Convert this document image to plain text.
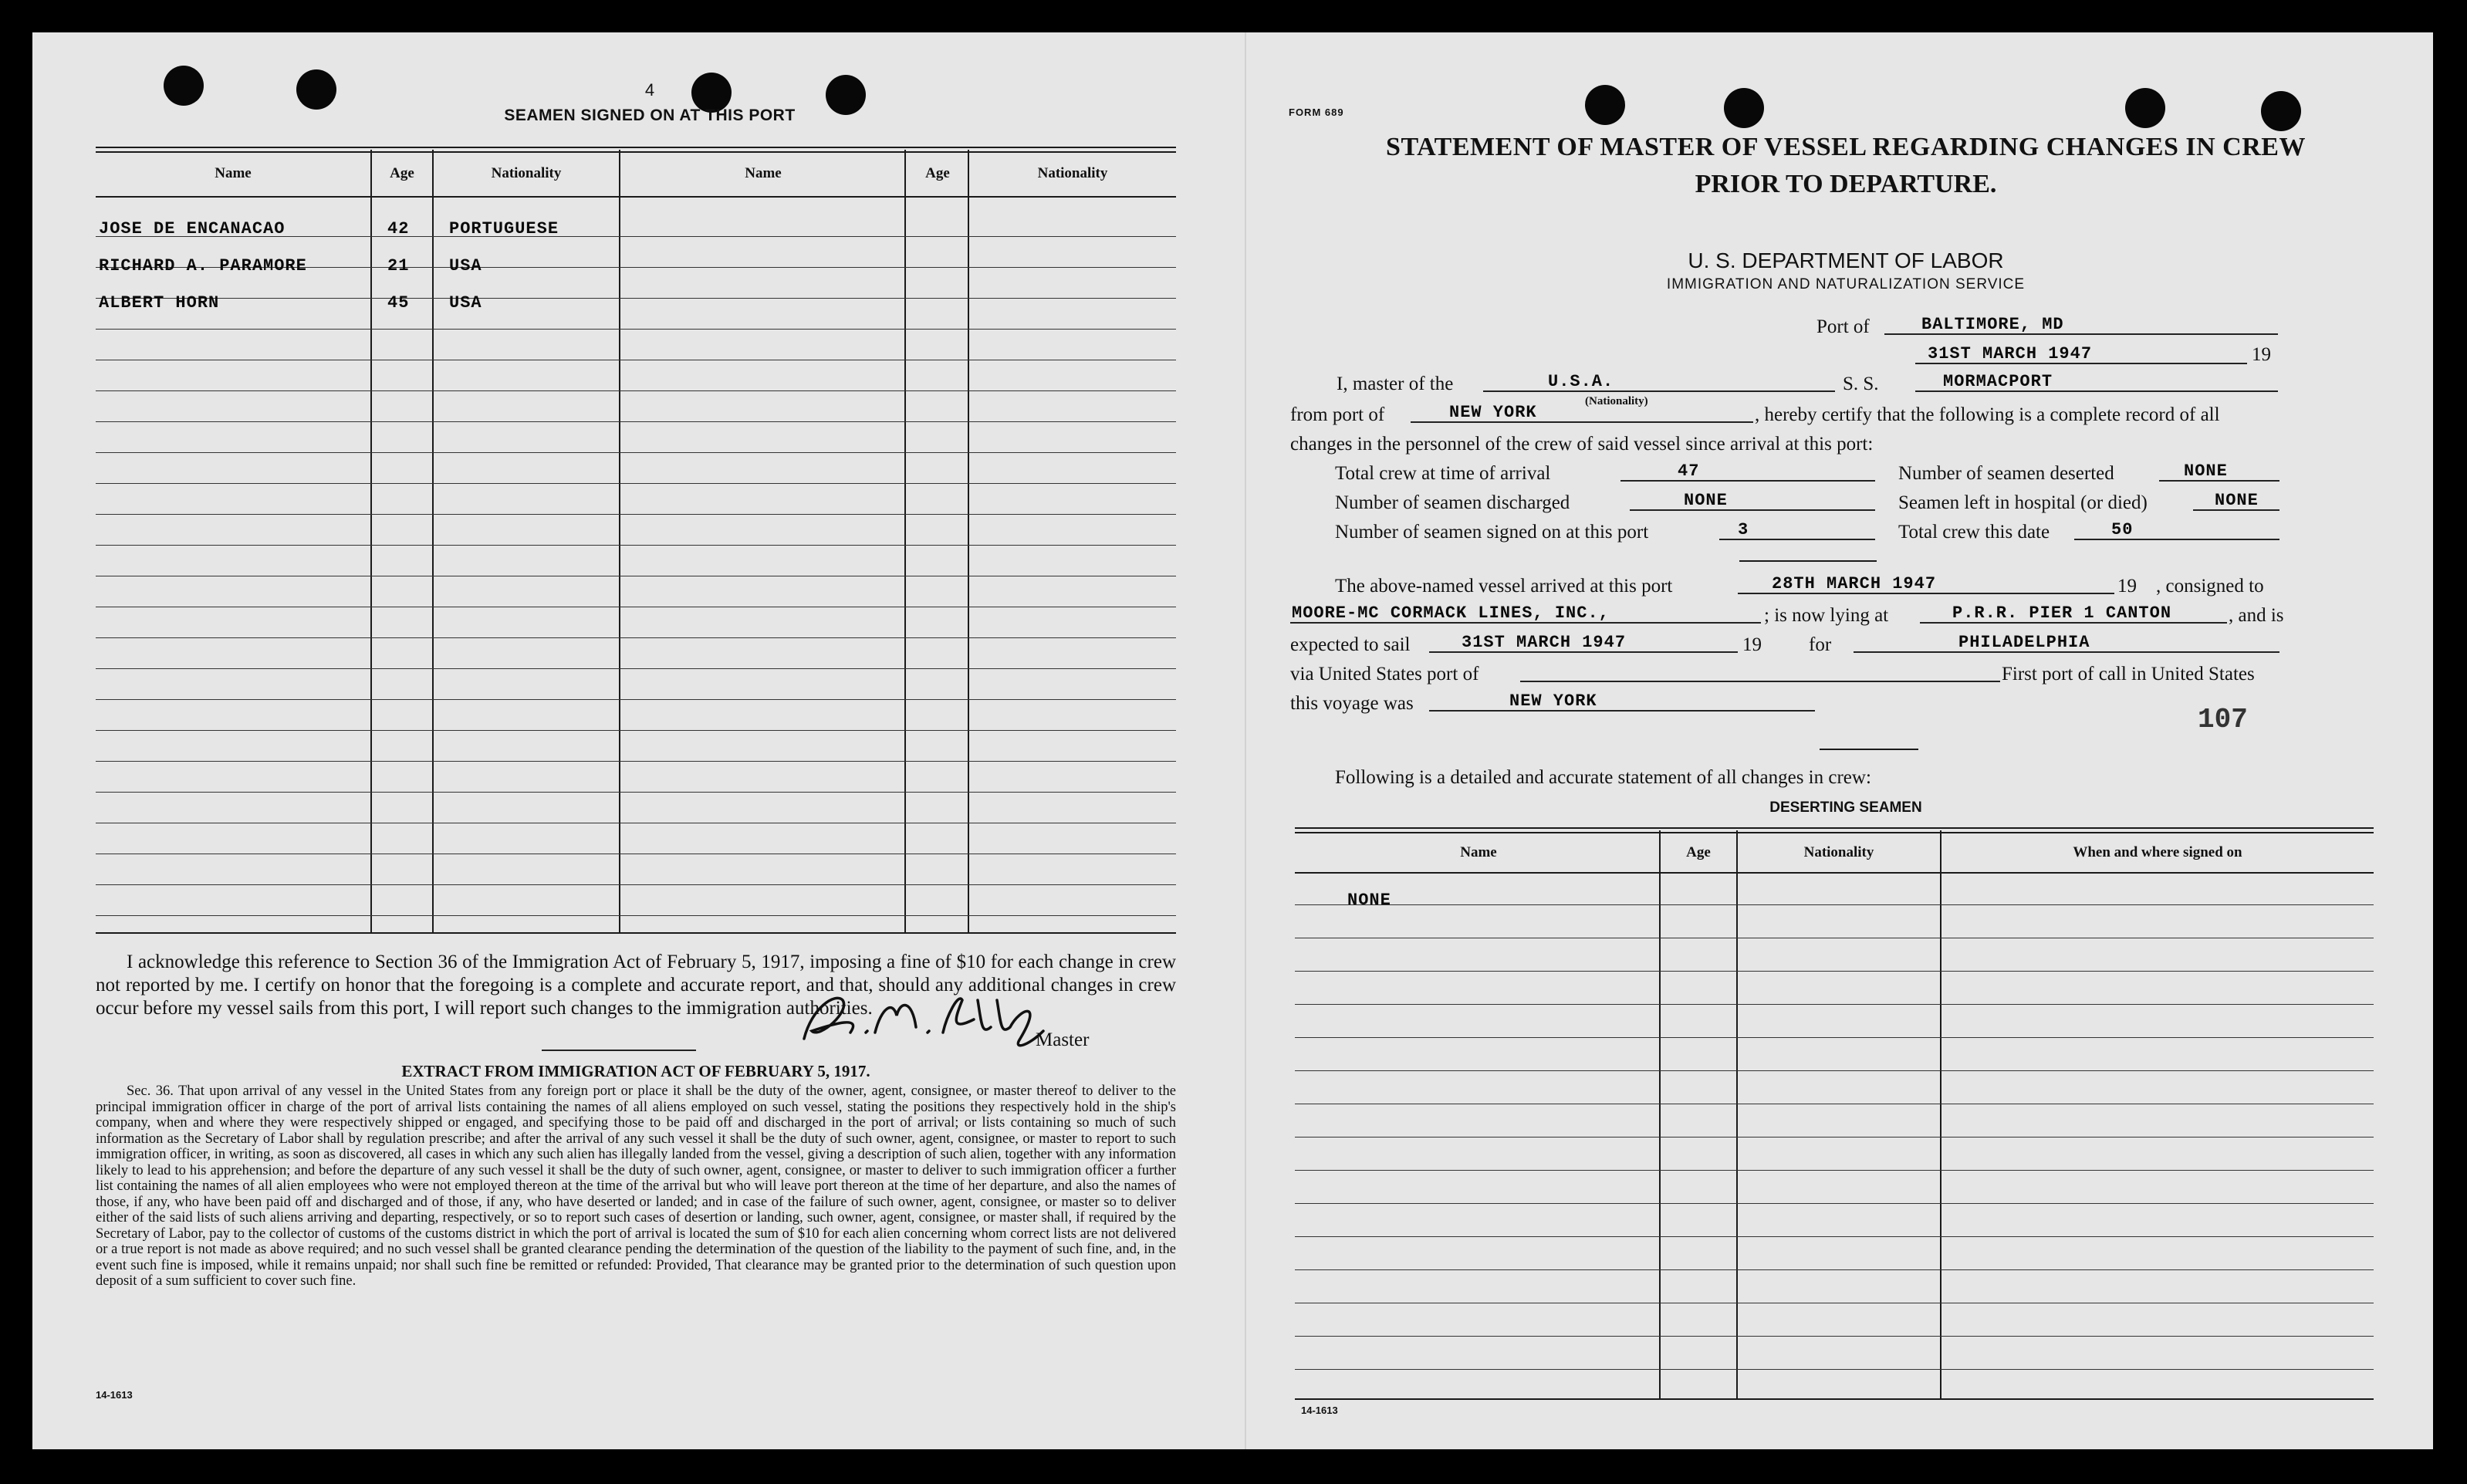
4
SEAMEN SIGNED ON AT THIS PORT
Name	Age	Nationality	Name	Age	Nationality
JOSE DE ENCANACAO	42 PORTUGUESE
RICHARD A. PARAMORE	21 USA
ALBERT HORN	45 USA
I acknowledge this reference to Section 36 of the Immigration Act of February 5, 1917, imposing a fine of $10 for each change in crew not reported by me. I certify on honor that the foregoing is a complete and accurate report, and that, should any additional changes in crew occur before my vessel sails from this port, I will report such changes to the immigration authorities.
Master
EXTRACT FROM IMMIGRATION ACT OF FEBRUARY 5, 1917.
Sec. 36. That upon arrival of any vessel in the United States from any foreign port or place it shall be the duty of the owner, agent, consignee, or master thereof to deliver to the principal immigration officer in charge of the port of arrival lists containing the names of all aliens employed on such vessel, stating the positions they respectively hold in the ship's company, when and where they were respectively shipped or engaged, and specifying those to be paid off and discharged in the port of arrival; or lists containing so much of such information as the Secretary of Labor shall by regulation prescribe; and after the arrival of any such vessel it shall be the duty of such owner, agent, consignee, or master to report to such immigration officer, in writing, as soon as discovered, all cases in which any such alien has illegally landed from the vessel, giving a description of such alien, together with any information likely to lead to his apprehension; and before the departure of any such vessel it shall be the duty of such owner, agent, consignee, or master to deliver to such immigration officer a further list containing the names of all alien employees who were not employed thereon at the time of the arrival but who will leave port thereon at the time of her departure, and also the names of those, if any, who have been paid off and discharged and of those, if any, who have deserted or landed; and in case of the failure of such owner, agent, consignee, or master so to deliver either of the said lists of such aliens arriving and departing, respectively, or so to report such cases of desertion or landing, such owner, agent, consignee, or master shall, if required by the Secretary of Labor, pay to the collector of customs of the customs district in which the port of arrival is located the sum of $10 for each alien concerning whom correct lists are not delivered or a true report is not made as above required; and no such vessel shall be granted clearance pending the determination of the question of the liability to the payment of such fine, and, in the event such fine is imposed, while it remains unpaid; nor shall such fine be remitted or refunded: Provided, That clearance may be granted prior to the determination of such question upon deposit of a sum sufficient to cover such fine.
14-1613
FORM 689
STATEMENT OF MASTER OF VESSEL REGARDING CHANGES IN CREW
PRIOR TO DEPARTURE.
U. S. DEPARTMENT OF LABOR
IMMIGRATION AND NATURALIZATION SERVICE
Port of	BALTIMORE, MD
31ST MARCH 1947	19
I, master of the	U.S.A.
(Nationality)
S. S.	MORMACPORT
from port of	NEW YORK	, hereby certify that the following is a complete record of all
changes in the personnel of the crew of said vessel since arrival at this port:
Total crew at time of arrival	47	Number of seamen deserted	NONE
Number of seamen discharged	NONE	Seamen left in hospital (or died)	NONE
Number of seamen signed on at this port	3	Total crew this date	50
The above-named vessel arrived at this port	28TH MARCH 1947	19 , consigned to
MOORE-MC CORMACK LINES, INC.,	; is now lying at	P.R.R. PIER 1 CANTON	, and is
expected to sail	31ST MARCH 1947	19 for	PHILADELPHIA
via United States port of	First port of call in United States
this voyage was	NEW YORK
107
Following is a detailed and accurate statement of all changes in crew:
DESERTING SEAMEN
Name	Age	Nationality	When and where signed on
NONE
14-1613
